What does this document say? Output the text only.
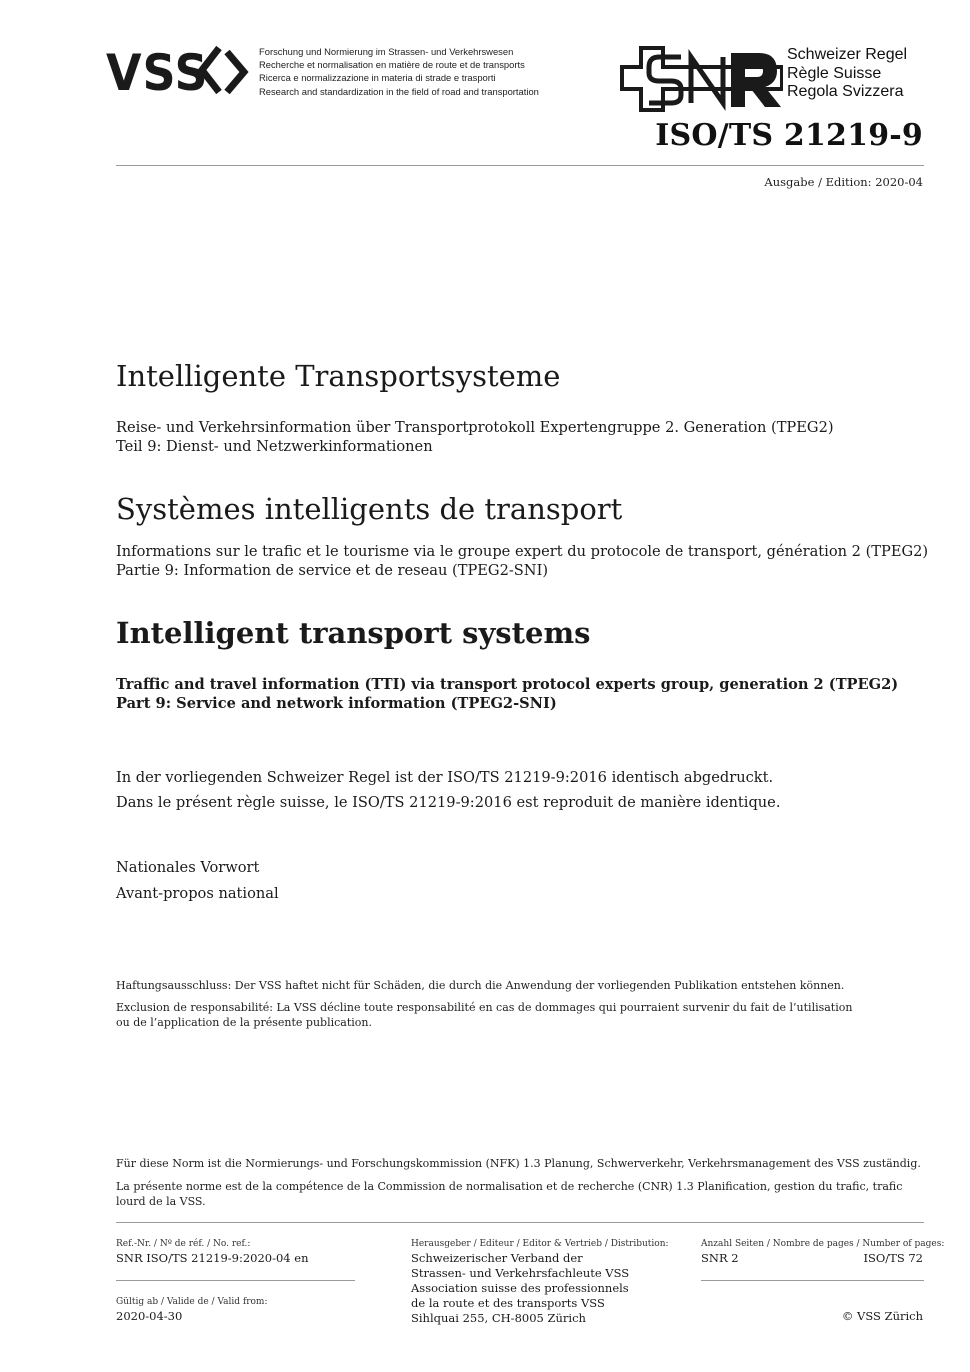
VSS	Forschung und Normierung im Strassen- und Verkehrswesen
Recherche et normalisation en matière de route et de transports
Ricerca e normalizzazione in materia di strade e trasporti
Research and standardization in the field of road and transportation
Schweizer Regel
Règle Suisse
Regola Svizzera
ISO/TS 21219-9
Ausgabe / Edition: 2020-04
Intelligente Transportsysteme
Reise- und Verkehrsinformation über Transportprotokoll Expertengruppe 2. Generation (TPEG2)
Teil 9: Dienst- und Netzwerkinformationen
Systèmes intelligents de transport
Informations sur le trafic et le tourisme via le groupe expert du protocole de transport, génération 2 (TPEG2)
Partie 9: Information de service et de reseau (TPEG2-SNI)
Intelligent transport systems
Traffic and travel information (TTI) via transport protocol experts group, generation 2 (TPEG2)
Part 9: Service and network information (TPEG2-SNI)
In der vorliegenden Schweizer Regel ist der ISO/TS 21219-9:2016 identisch abgedruckt.
Dans le présent règle suisse, le ISO/TS 21219-9:2016 est reproduit de manière identique.
Nationales Vorwort
Avant-propos national
Haftungsausschluss: Der VSS haftet nicht für Schäden, die durch die Anwendung der vorliegenden Publikation entstehen können.
Exclusion de responsabilité: La VSS décline toute responsabilité en cas de dommages qui pourraient survenir du fait de l’utilisation ou de l’application de la présente publication.
Für diese Norm ist die Normierungs- und Forschungskommission (NFK) 1.3 Planung, Schwerverkehr, Verkehrsmanagement des VSS zuständig.
La présente norme est de la compétence de la Commission de normalisation et de recherche (CNR) 1.3 Planification, gestion du trafic, trafic lourd de la VSS.
Ref.-Nr. / Nº de réf. / No. ref.:
SNR ISO/TS 21219-9:2020-04 en
Gültig ab / Valide de / Valid from:
2020-04-30
Herausgeber / Editeur / Editor & Vertrieb / Distribution:
Schweizerischer Verband der
Strassen- und Verkehrsfachleute VSS
Association suisse des professionnels
de la route et des transports VSS
Sihlquai 255, CH-8005 Zürich
Anzahl Seiten / Nombre de pages / Number of pages:
SNR 2	ISO/TS 72
© VSS Zürich
